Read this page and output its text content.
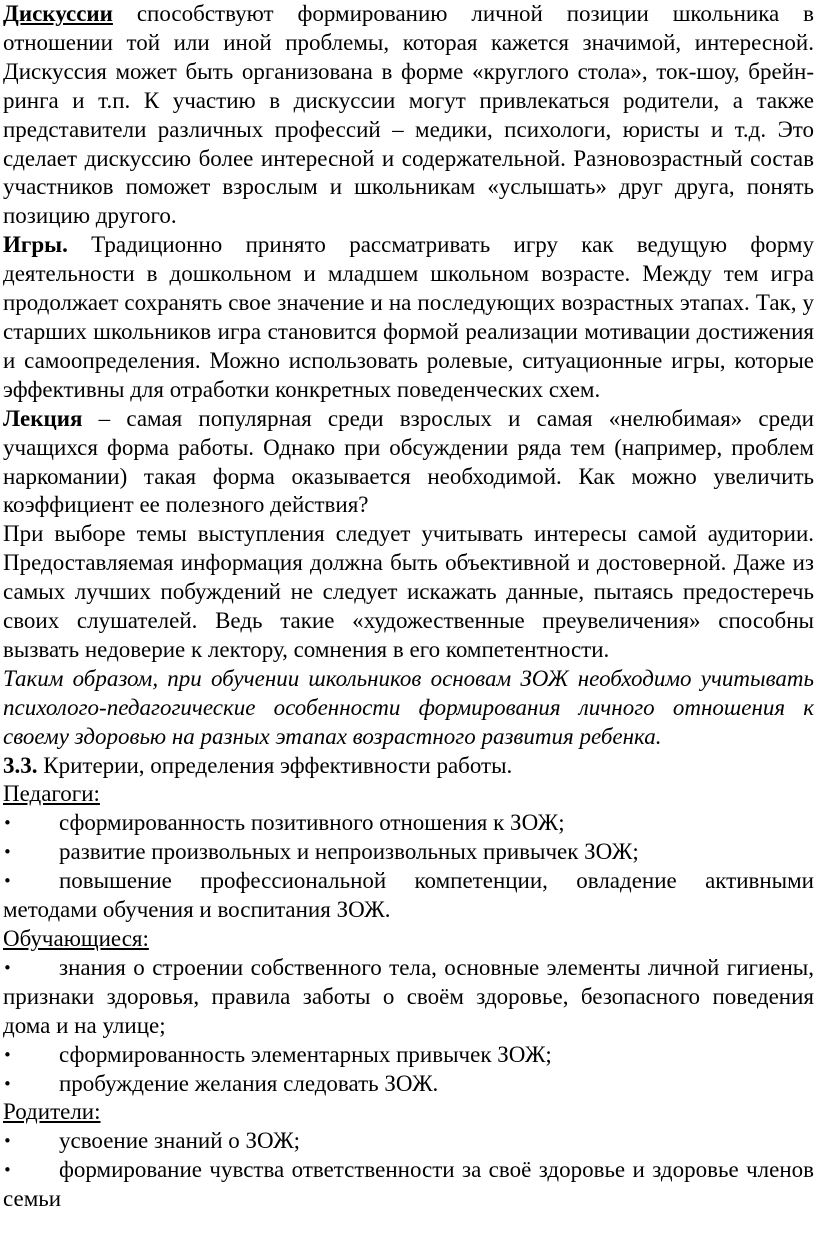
Дискуссии способствуют формированию личной позиции школьника в отношении той или иной проблемы, которая кажется значимой, интересной. Дискуссия может быть организована в форме «круглого стола», ток-шоу, брейн-ринга и т.п. К участию в дискуссии могут привлекаться родители, а также представители различных профессий – медики, психологи, юристы и т.д. Это сделает дискуссию более интересной и содержательной. Разновозрастный состав участников поможет взрослым и школьникам «услышать» друг друга, понять позицию другого.

Игры. Традиционно принято рассматривать игру как ведущую форму деятельности в дошкольном и младшем школьном возрасте. Между тем игра продолжает сохранять свое значение и на последующих возрастных этапах. Так, у старших школьников игра становится формой реализации мотивации достижения и самоопределения. Можно использовать ролевые, ситуационные игры, которые эффективны для отработки конкретных поведенческих схем.

Лекция – самая популярная среди взрослых и самая «нелюбимая» среди учащихся форма работы. Однако при обсуждении ряда тем (например, проблем наркомании) такая форма оказывается необходимой. Как можно увеличить коэффициент ее полезного действия?

При выборе темы выступления следует учитывать интересы самой аудитории. Предоставляемая информация должна быть объективной и достоверной. Даже из самых лучших побуждений не следует искажать данные, пытаясь предостеречь своих слушателей. Ведь такие «художественные преувеличения» способны вызвать недоверие к лектору, сомнения в его компетентности.

Таким образом, при обучении школьников основам ЗОЖ необходимо учитывать психолого-педагогические особенности формирования личного отношения к своему здоровью на разных этапах возрастного развития ребенка.

3.3. Критерии, определения эффективности работы.

Педагоги:

• сформированность позитивного отношения к ЗОЖ;

• развитие произвольных и непроизвольных привычек ЗОЖ;

• повышение профессиональной компетенции, овладение активными методами обучения и воспитания ЗОЖ.

Обучающиеся:

• знания о строении собственного тела, основные элементы личной гигиены, признаки здоровья, правила заботы о своём здоровье, безопасного поведения дома и на улице;

• сформированность элементарных привычек ЗОЖ;

• пробуждение желания следовать ЗОЖ.

Родители:

• усвоение знаний о ЗОЖ;

• формирование чувства ответственности за своё здоровье и здоровье членов семьи
